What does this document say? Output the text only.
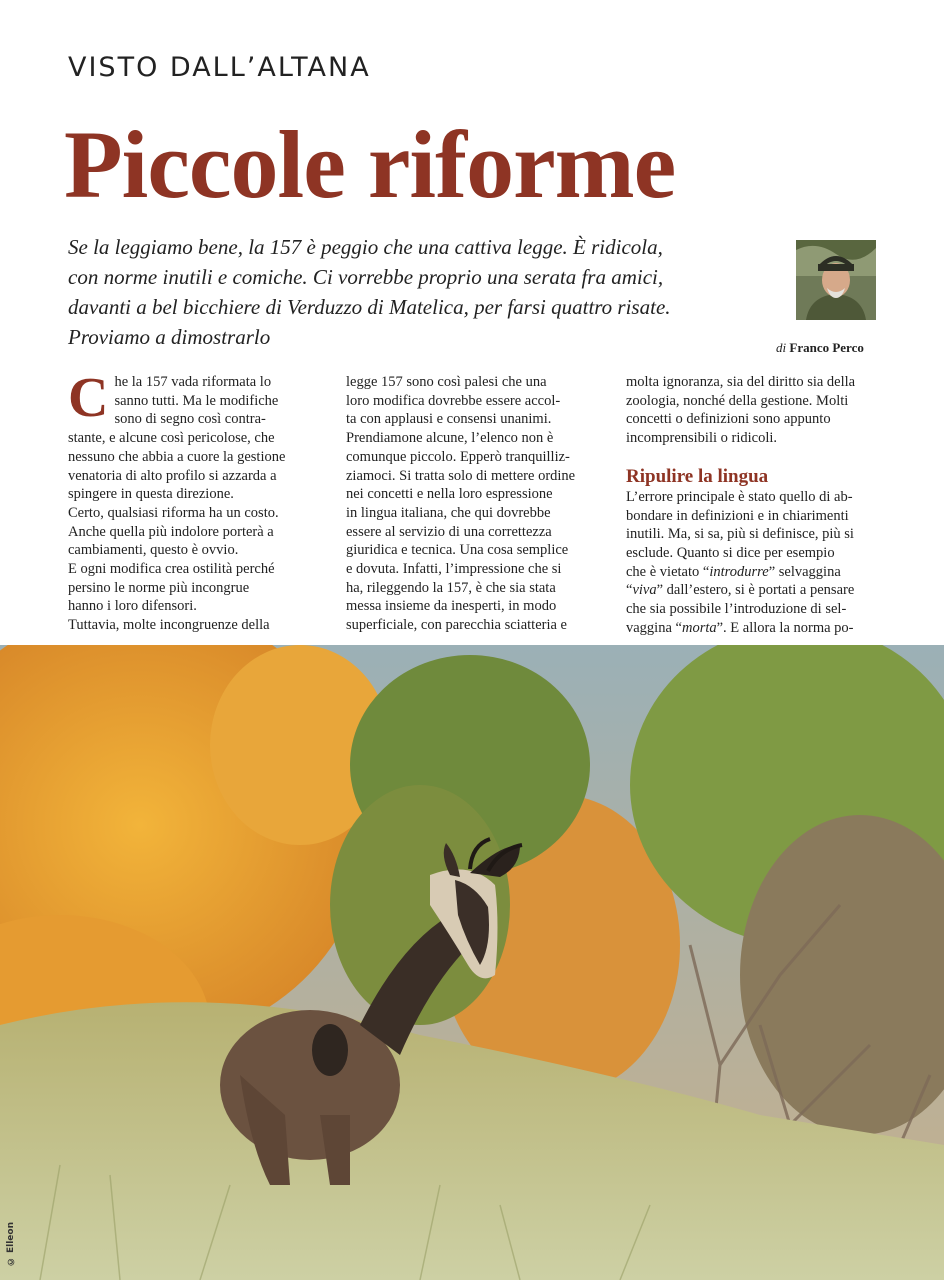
VISTO DALL’ALTANA
Piccole riforme

Se la leggiamo bene, la 157 è peggio che una cattiva legge. È ridicola,

con norme inutili e comiche. Ci vorrebbe proprio una serata fra amici,

davanti a bel bicchiere di Verduzzo di Matelica, per farsi quattro risate.

Proviamo a dimostrarlo	di Franco Perco
C he la 157 vada riformata lo

sanno tutti. Ma le modifiche

sono di segno così contra-

stante, e alcune così pericolose, che

nessuno che abbia a cuore la gestione

venatoria di alto profilo si azzarda a

spingere in questa direzione.

Certo, qualsiasi riforma ha un costo.

Anche quella più indolore porterà a

cambiamenti, questo è ovvio.

E ogni modifica crea ostilità perché

persino le norme più incongrue

hanno i loro difensori.

Tuttavia, molte incongruenze della

legge 157 sono così palesi che una

loro modifica dovrebbe essere accol-

ta con applausi e consensi unanimi.

Prendiamone alcune, l’elenco non è

comunque piccolo. Epperò tranquilliz-

ziamoci. Si tratta solo di mettere ordine

nei concetti e nella loro espressione

in lingua italiana, che qui dovrebbe

essere al servizio di una correttezza

giuridica e tecnica. Una cosa semplice

e dovuta. Infatti, l’impressione che si

ha, rileggendo la 157, è che sia stata

messa insieme da inesperti, in modo

superficiale, con parecchia sciatteria e

molta ignoranza, sia del diritto sia della

zoologia, nonché della gestione. Molti

concetti o definizioni sono appunto

incomprensibili o ridicoli.

Ripulire la lingua

L’errore principale è stato quello di ab-

bondare in definizioni e in chiarimenti

inutili. Ma, si sa, più si definisce, più si

esclude. Quanto si dice per esempio

che è vietato “introdurre” selvaggina

“viva” dall’estero, si è portati a pensare

che sia possibile l’introduzione di sel-

vaggina “morta”. E allora la norma po-

© Elleon
